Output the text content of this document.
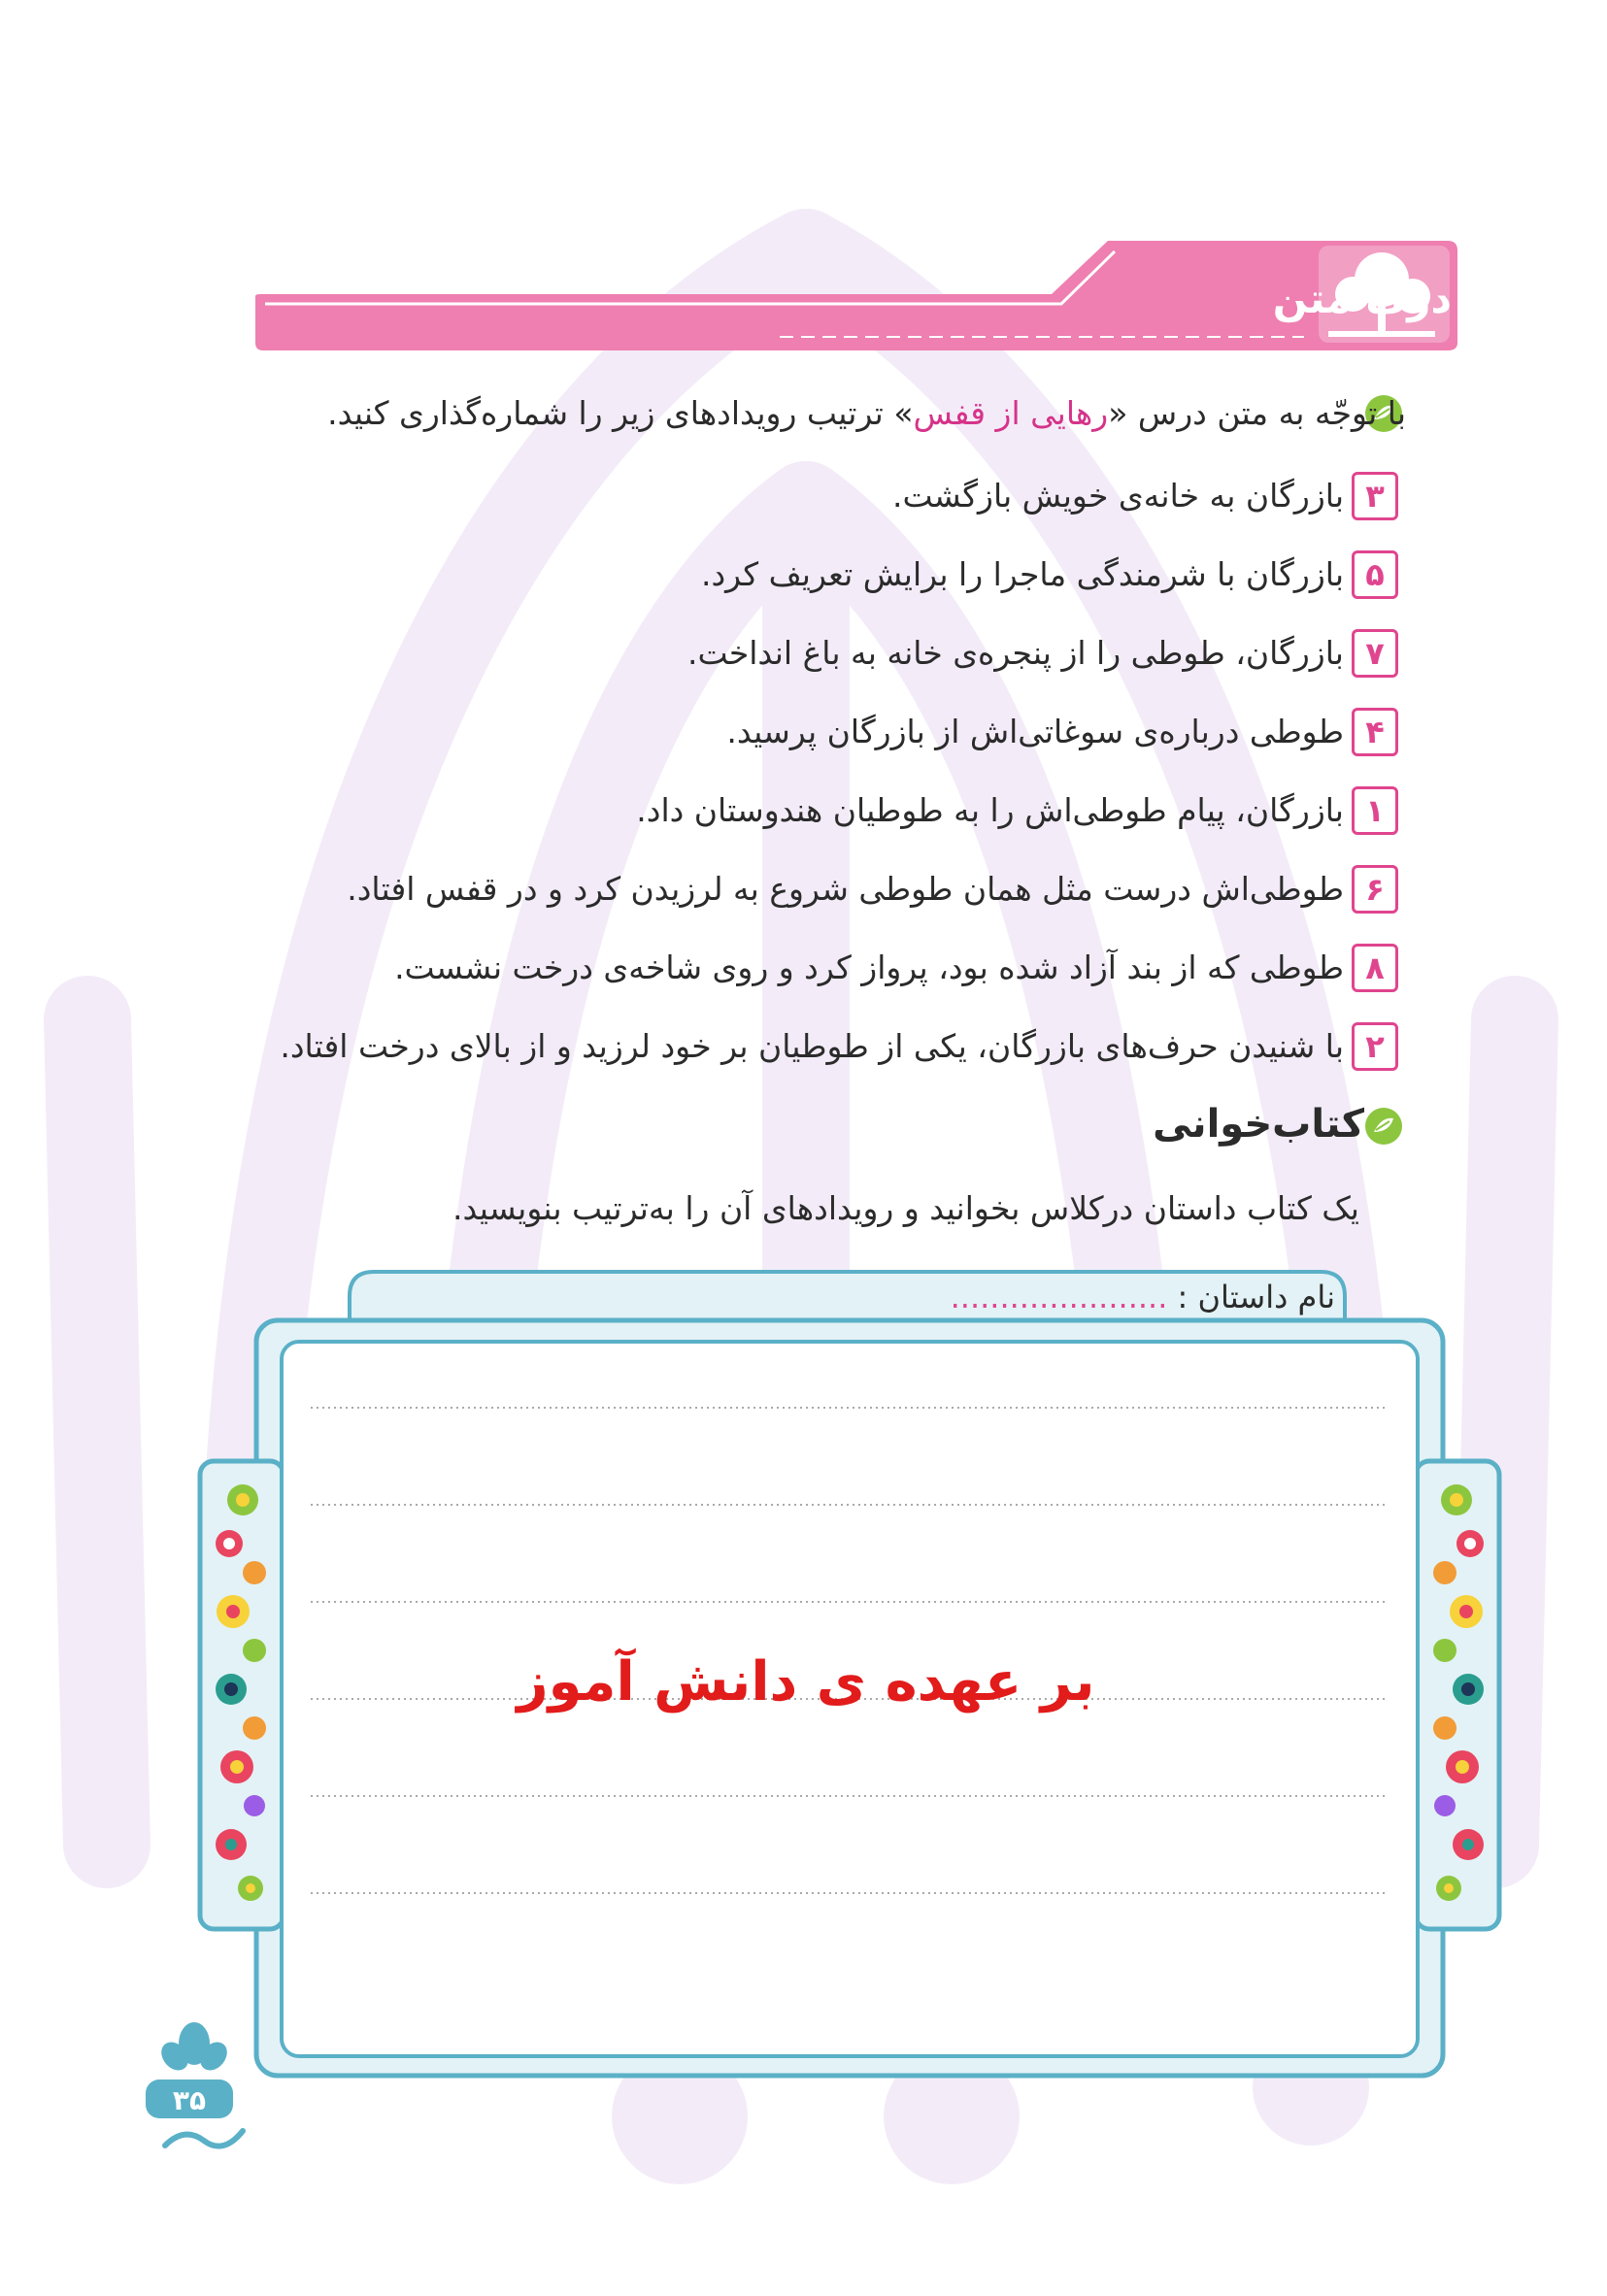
درک متن
با توجّه به متن درس «رهایی از قفس» ترتیب رویدادهای زیر را شماره‌گذاری کنید.
۳
بازرگان به خانه‌ی خویش بازگشت.
۵
بازرگان با شرمندگی ماجرا را برایش تعریف کرد.
۷
بازرگان، طوطی را از پنجره‌ی خانه به باغ انداخت.
۴
طوطی درباره‌ی سوغاتی‌اش از بازرگان پرسید.
۱
بازرگان، پیام طوطی‌اش را به طوطیان هندوستان داد.
۶
طوطی‌اش درست مثل همان طوطی شروع به لرزیدن کرد و در قفس افتاد.
۸
طوطی که از بند آزاد شده بود، پرواز کرد و روی شاخه‌ی درخت نشست.
۲
با شنیدن حرف‌های بازرگان، یکی از طوطیان بر خود لرزید و از بالای درخت افتاد.
کتاب‌خوانی
یک کتاب داستان درکلاس بخوانید و رویدادهای آن را به‌ترتیب بنویسید.
نام داستان : ......................
بر عهده ی دانش آموز
۳۵
